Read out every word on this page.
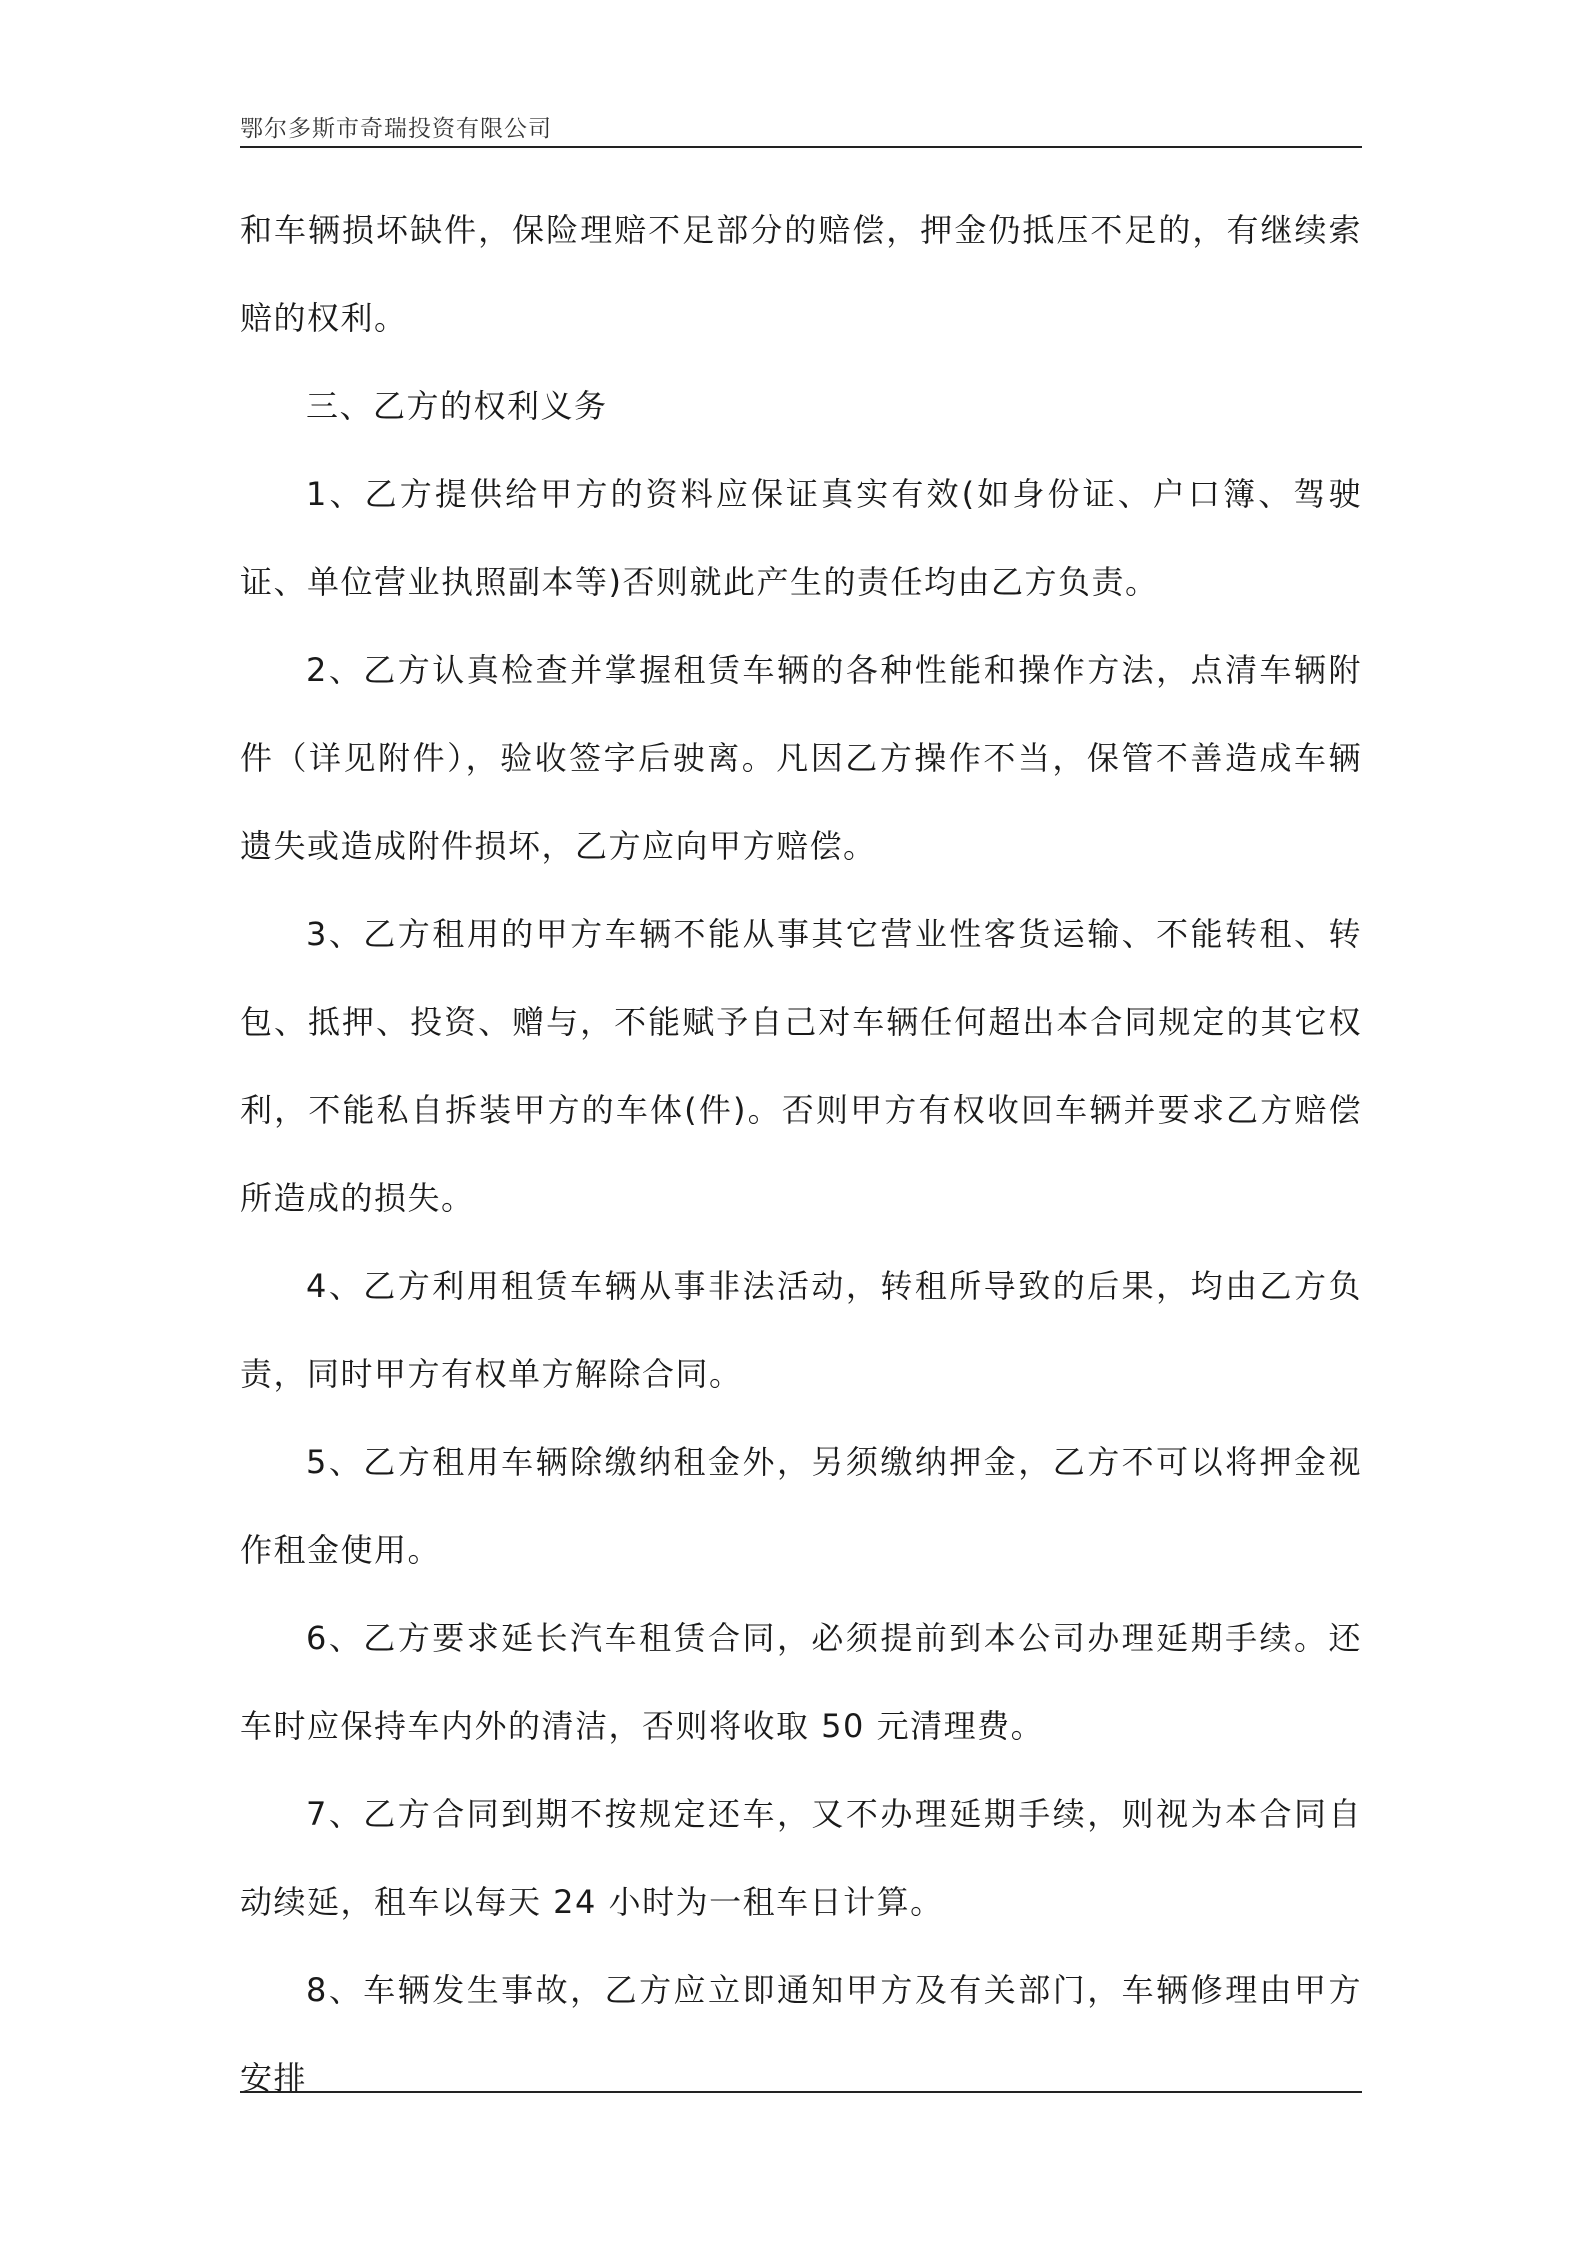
鄂尔多斯市奇瑞投资有限公司

和车辆损坏缺件，保险理赔不足部分的赔偿，押金仍抵压不足的，有继续索赔的权利。

三、乙方的权利义务

1、乙方提供给甲方的资料应保证真实有效(如身份证、户口簿、驾驶证、单位营业执照副本等)否则就此产生的责任均由乙方负责。

2、乙方认真检查并掌握租赁车辆的各种性能和操作方法，点清车辆附件（详见附件），验收签字后驶离。凡因乙方操作不当，保管不善造成车辆遗失或造成附件损坏，乙方应向甲方赔偿。

3、乙方租用的甲方车辆不能从事其它营业性客货运输、不能转租、转包、抵押、投资、赠与，不能赋予自己对车辆任何超出本合同规定的其它权利，不能私自拆装甲方的车体(件)。否则甲方有权收回车辆并要求乙方赔偿所造成的损失。

4、乙方利用租赁车辆从事非法活动，转租所导致的后果，均由乙方负责，同时甲方有权单方解除合同。

5、乙方租用车辆除缴纳租金外，另须缴纳押金，乙方不可以将押金视作租金使用。

6、乙方要求延长汽车租赁合同，必须提前到本公司办理延期手续。还车时应保持车内外的清洁，否则将收取 50 元清理费。

7、乙方合同到期不按规定还车，又不办理延期手续，则视为本合同自动续延，租车以每天 24 小时为一租车日计算。

8、车辆发生事故，乙方应立即通知甲方及有关部门，车辆修理由甲方安排
